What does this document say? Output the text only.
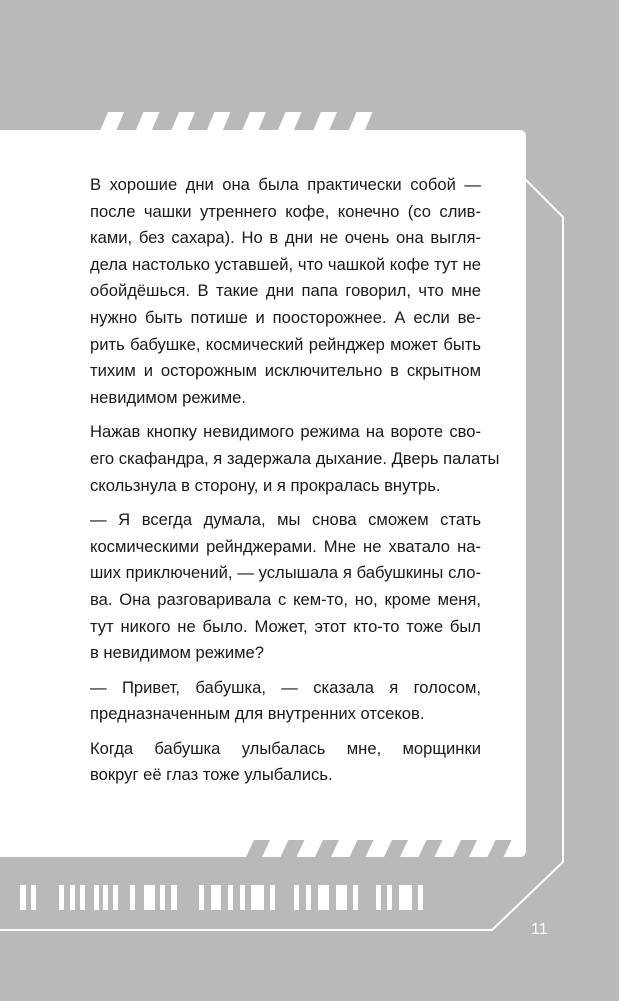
В хорошие дни она была практически собой —
после чашки утреннего кофе, конечно (со слив-
ками, без сахара). Но в дни не очень она выгля-
дела настолько уставшей, что чашкой кофе тут не
обойдёшься. В такие дни папа говорил, что мне
нужно быть потише и поосторожнее. А если ве-
рить бабушке, космический рейнджер может быть
тихим и осторожным исключительно в скрытном
невидимом режиме.
Нажав кнопку невидимого режима на вороте сво-
его скафандра, я задержала дыхание. Дверь палаты
скользнула в сторону, и я прокралась внутрь.
— Я всегда думала, мы снова сможем стать
космическими рейнджерами. Мне не хватало на-
ших приключений, — услышала я бабушкины сло-
ва. Она разговаривала с кем-то, но, кроме меня,
тут никого не было. Может, этот кто-то тоже был
в невидимом режиме?
— Привет, бабушка, — сказала я голосом,
предназначенным для внутренних отсеков.
Когда бабушка улыбалась мне, морщинки
вокруг её глаз тоже улыбались.
11
